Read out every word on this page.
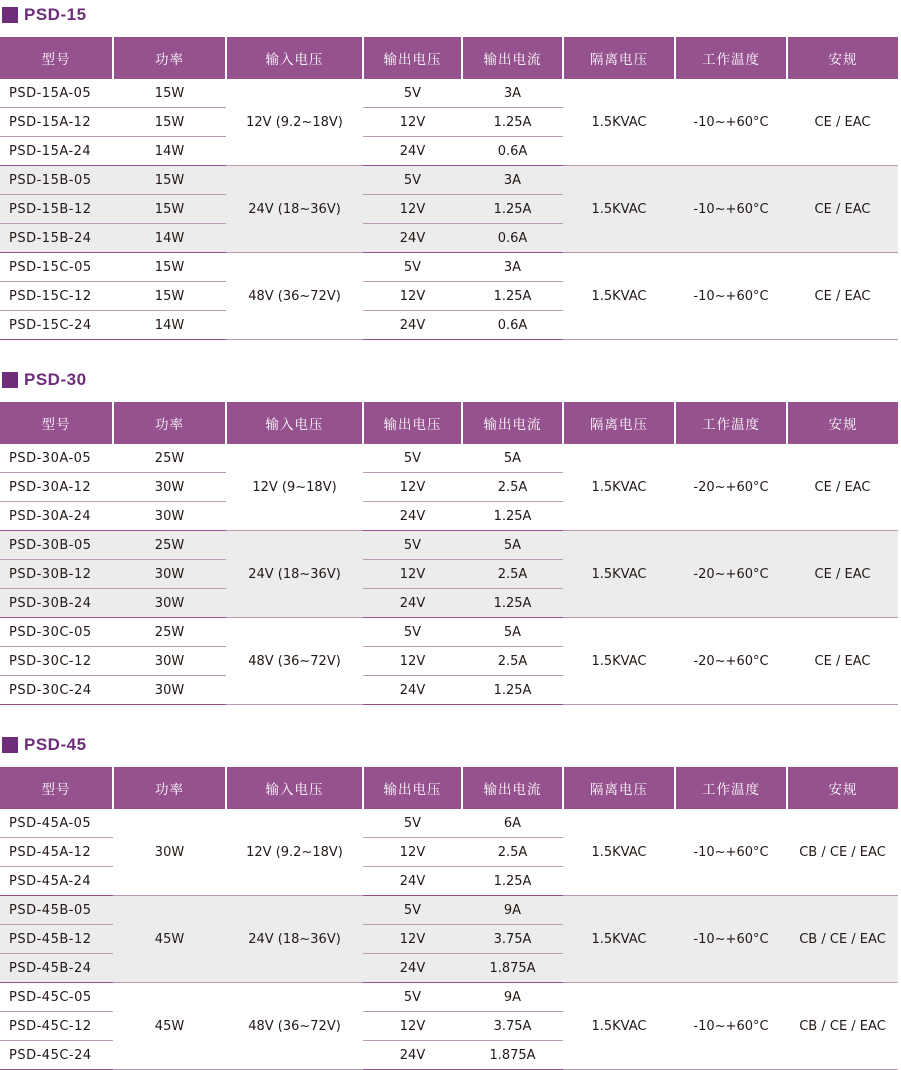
PSD-15
型号	功率	输入电压	输出电压	输出电流	隔离电压	工作温度	安规
PSD-15A-05	15W	12V (9.2~18V)	5V	3A	1.5KVAC	-10~+60°C	CE / EAC
PSD-15A-12	15W		12V	1.25A			
PSD-15A-24	14W		24V	0.6A			
PSD-15B-05	15W	24V (18~36V)	5V	3A	1.5KVAC	-10~+60°C	CE / EAC
PSD-15B-12	15W		12V	1.25A			
PSD-15B-24	14W		24V	0.6A			
PSD-15C-05	15W	48V (36~72V)	5V	3A	1.5KVAC	-10~+60°C	CE / EAC
PSD-15C-12	15W		12V	1.25A			
PSD-15C-24	14W		24V	0.6A			
PSD-30
型号	功率	输入电压	输出电压	输出电流	隔离电压	工作温度	安规
PSD-30A-05	25W	12V (9~18V)	5V	5A	1.5KVAC	-20~+60°C	CE / EAC
PSD-30A-12	30W		12V	2.5A			
PSD-30A-24	30W		24V	1.25A			
PSD-30B-05	25W	24V (18~36V)	5V	5A	1.5KVAC	-20~+60°C	CE / EAC
PSD-30B-12	30W		12V	2.5A			
PSD-30B-24	30W		24V	1.25A			
PSD-30C-05	25W	48V (36~72V)	5V	5A	1.5KVAC	-20~+60°C	CE / EAC
PSD-30C-12	30W		12V	2.5A			
PSD-30C-24	30W		24V	1.25A			
PSD-45
型号	功率	输入电压	输出电压	输出电流	隔离电压	工作温度	安规
PSD-45A-05	30W	12V (9.2~18V)	5V	6A	1.5KVAC	-10~+60°C	CB / CE / EAC
PSD-45A-12			12V	2.5A			
PSD-45A-24			24V	1.25A			
PSD-45B-05	45W	24V (18~36V)	5V	9A	1.5KVAC	-10~+60°C	CB / CE / EAC
PSD-45B-12			12V	3.75A			
PSD-45B-24			24V	1.875A			
PSD-45C-05	45W	48V (36~72V)	5V	9A	1.5KVAC	-10~+60°C	CB / CE / EAC
PSD-45C-12			12V	3.75A			
PSD-45C-24			24V	1.875A			
